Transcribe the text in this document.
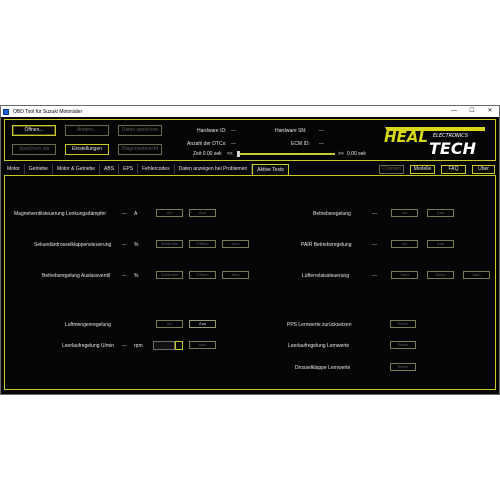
OBD Tool für Suzuki Motoräder	—	☐	✕
Öffnen...	Ändern...	Daten speichern
Speichern als	Einstellungen	Diagnosebericht
Hardware ID: ---	Hardware SN:	---
Anzahl der DTCs: ---	ECM ID: ---
Zeit 0.00 sek <<	>> 0.00 sek
HEAL
TECH
ELECTRONICS
Motor	Getriebe	Motor & Getriebe	ABS	EPS	Fehlercodes	Daten anzeigen bei Problemen	Aktive Tests	Connect	Modelle	FAQ	Über
Magnetventilsteuerung Lenkungsdämpfer	--- A	An	Aus
Sekundärdrosselklappensteuerung --- %	Schließen	Öffnen	Auto
Betriebsregelung Auslassventil --- %	Schließen	Öffnen	Auto
Luftmengenregelung	An	Aus
Leerlaufregelung U/min --- rpm	Auto
Betriebsregelung	---	An	Aus
PAIR Betriebsregelung	---	An	Aus
Lüfterrelaissteuerung	---	Start	Stopp	Auto
PPS Lernwerte zurücksetzen	Reset
Leerlaufregelung Lernwerte	Reset
Drosselklappe Lernwerte	Reset
